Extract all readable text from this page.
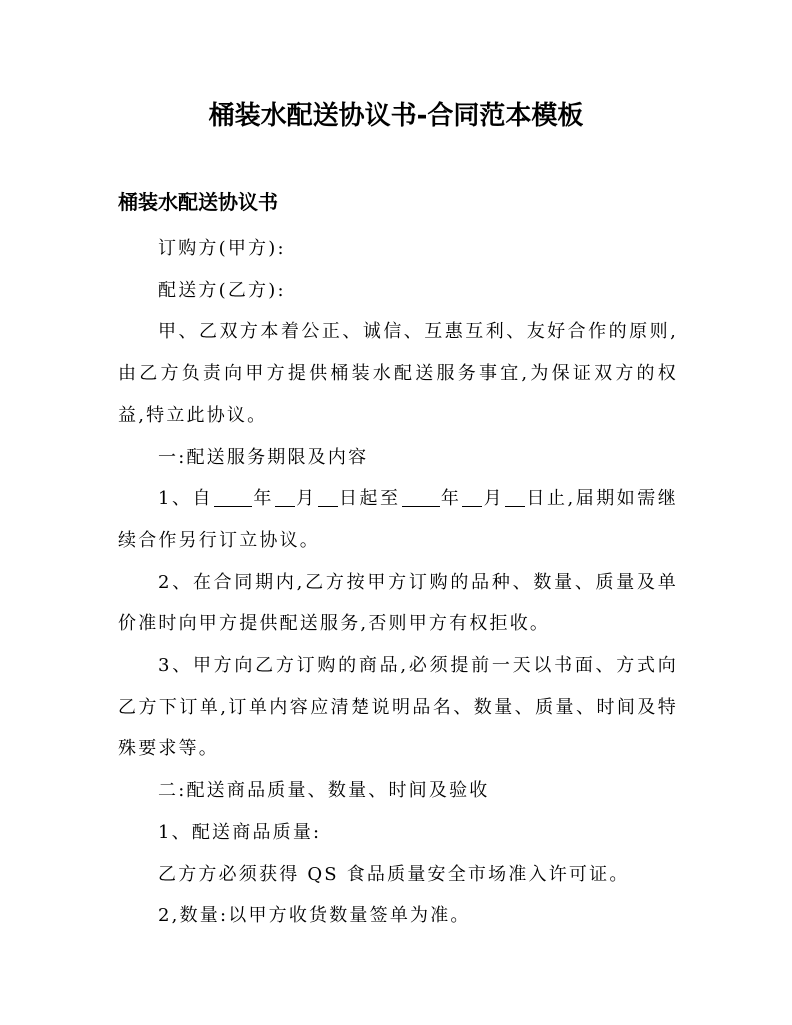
桶装水配送协议书-合同范本模板
桶装水配送协议书

订购方(甲方):

配送方(乙方):

甲、乙双方本着公正、诚信、互惠互利、友好合作的原则,由乙方负责向甲方提供桶装水配送服务事宜,为保证双方的权益,特立此协议。

一:配送服务期限及内容

1、自 年 月 日起至 年 月 日止,届期如需继续合作另行订立协议。

2、在合同期内,乙方按甲方订购的品种、数量、质量及单价准时向甲方提供配送服务,否则甲方有权拒收。

3、甲方向乙方订购的商品,必须提前一天以书面、方式向乙方下订单,订单内容应清楚说明品名、数量、质量、时间及特殊要求等。

二:配送商品质量、数量、时间及验收

1、配送商品质量:

乙方方必须获得 QS 食品质量安全市场准入许可证。

2,数量:以甲方收货数量签单为准。
